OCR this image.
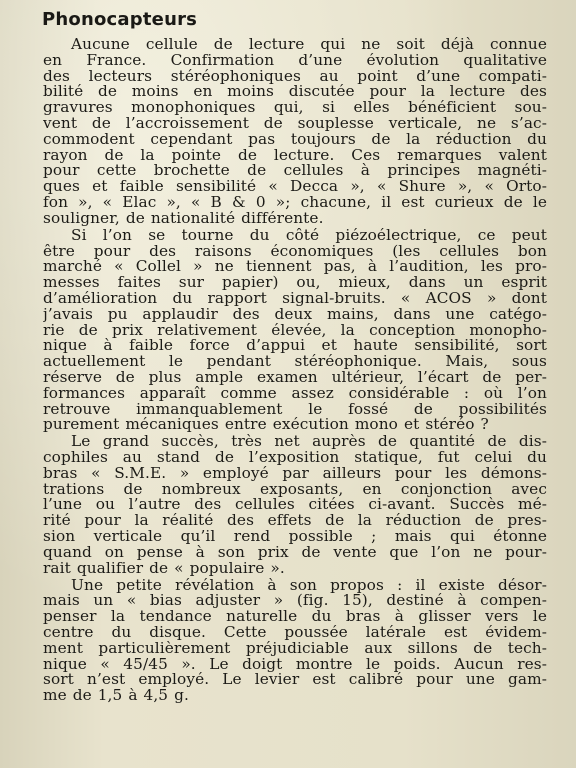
Phonocapteurs
Aucune cellule de lecture qui ne soit déjà connue
en France. Confirmation d’une évolution qualitative
des lecteurs stéréophoniques au point d’une compati-
bilité de moins en moins discutée pour la lecture des
gravures monophoniques qui, si elles bénéficient sou-
vent de l’accroissement de souplesse verticale, ne s’ac-
commodent cependant pas toujours de la réduction du
rayon de la pointe de lecture. Ces remarques valent
pour cette brochette de cellules à principes magnéti-
ques et faible sensibilité « Decca », « Shure », « Orto-
fon », « Elac », « B & 0 »; chacune, il est curieux de le
souligner, de nationalité différente.
Si l’on se tourne du côté piézoélectrique, ce peut
être pour des raisons économiques (les cellules bon
marché « Collel » ne tiennent pas, à l’audition, les pro-
messes faites sur papier) ou, mieux, dans un esprit
d’amélioration du rapport signal-bruits. « ACOS » dont
j’avais pu applaudir des deux mains, dans une catégo-
rie de prix relativement élevée, la conception monopho-
nique à faible force d’appui et haute sensibilité, sort
actuellement le pendant stéréophonique. Mais, sous
réserve de plus ample examen ultérieur, l’écart de per-
formances apparaît comme assez considérable : où l’on
retrouve immanquablement le fossé de possibilités
purement mécaniques entre exécution mono et stéréo ?
Le grand succès, très net auprès de quantité de dis-
cophiles au stand de l’exposition statique, fut celui du
bras « S.M.E. » employé par ailleurs pour les démons-
trations de nombreux exposants, en conjonction avec
l’une ou l’autre des cellules citées ci-avant. Succès mé-
rité pour la réalité des effets de la réduction de pres-
sion verticale qu’il rend possible ; mais qui étonne
quand on pense à son prix de vente que l’on ne pour-
rait qualifier de « populaire ».
Une petite révélation à son propos : il existe désor-
mais un « bias adjuster » (fig. 15), destiné à compen-
penser la tendance naturelle du bras à glisser vers le
centre du disque. Cette poussée latérale est évidem-
ment particulièrement préjudiciable aux sillons de tech-
nique « 45/45 ». Le doigt montre le poids. Aucun res-
sort n’est employé. Le levier est calibré pour une gam-
me de 1,5 à 4,5 g.
